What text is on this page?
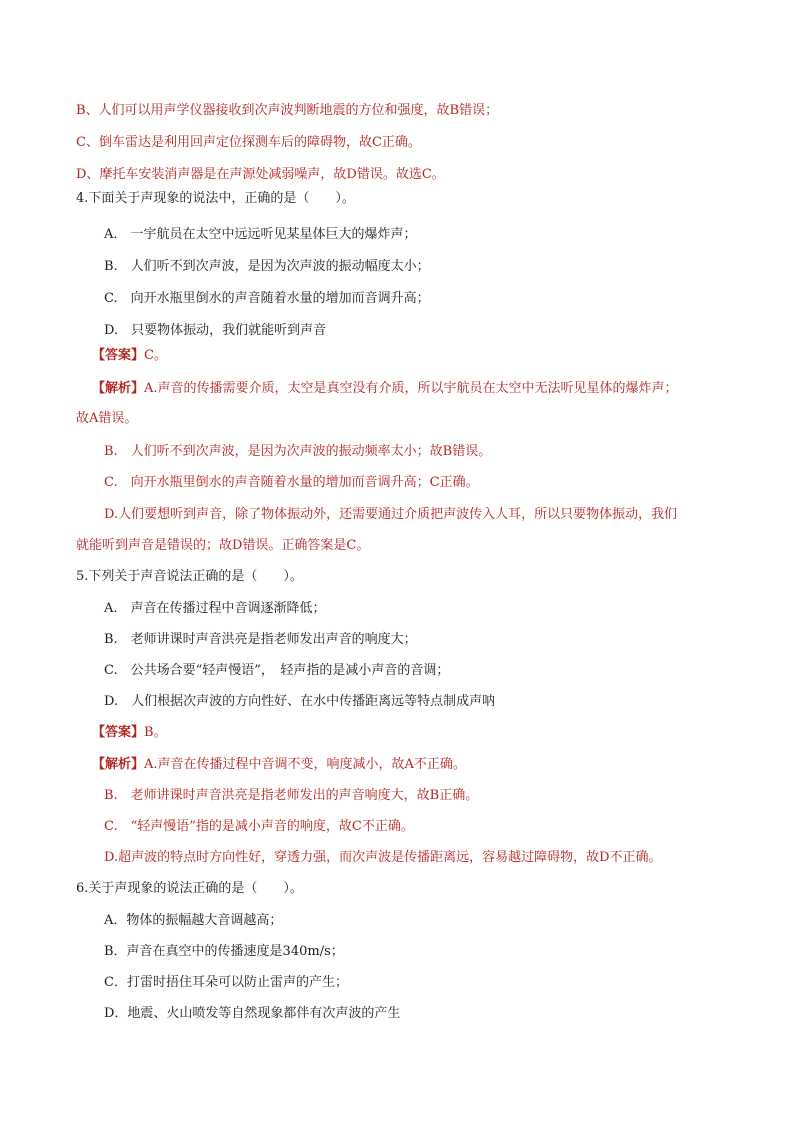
B、人们可以用声学仪器接收到次声波判断地震的方位和强度，故B错误；
C、倒车雷达是利用回声定位探测车后的障碍物，故C正确。
D、摩托车安装消声器是在声源处减弱噪声，故D错误。故选C。
4.下面关于声现象的说法中，正确的是（　　）。
A.　一宇航员在太空中远远听见某星体巨大的爆炸声；
B.　人们听不到次声波，是因为次声波的振动幅度太小；
C.　向开水瓶里倒水的声音随着水量的增加而音调升高；
D.　只要物体振动，我们就能听到声音
【答案】C。
【解析】A.声音的传播需要介质，太空是真空没有介质，所以宇航员在太空中无法听见星体的爆炸声；
故A错误。
B.　人们听不到次声波，是因为次声波的振动频率太小；故B错误。
C.　向开水瓶里倒水的声音随着水量的增加而音调升高；C正确。
D.人们要想听到声音，除了物体振动外，还需要通过介质把声波传入人耳，所以只要物体振动，我们
就能听到声音是错误的；故D错误。正确答案是C。
5.下列关于声音说法正确的是（　　）。
A.　声音在传播过程中音调逐渐降低；
B.　老师讲课时声音洪亮是指老师发出声音的响度大；
C.　公共场合要“轻声慢语”，　轻声指的是减小声音的音调；
D.　人们根据次声波的方向性好、在水中传播距离远等特点制成声呐
【答案】B。
【解析】A.声音在传播过程中音调不变，响度减小，故A不正确。
B.　老师讲课时声音洪亮是指老师发出的声音响度大，故B正确。
C.　“轻声慢语”指的是减小声音的响度，故C不正确。
D.超声波的特点时方向性好，穿透力强，而次声波是传播距离远，容易越过障碍物，故D不正确。
6.关于声现象的说法正确的是（　　）。
A．物体的振幅越大音调越高；
B．声音在真空中的传播速度是340m/s；
C．打雷时捂住耳朵可以防止雷声的产生；
D．地震、火山喷发等自然现象都伴有次声波的产生
